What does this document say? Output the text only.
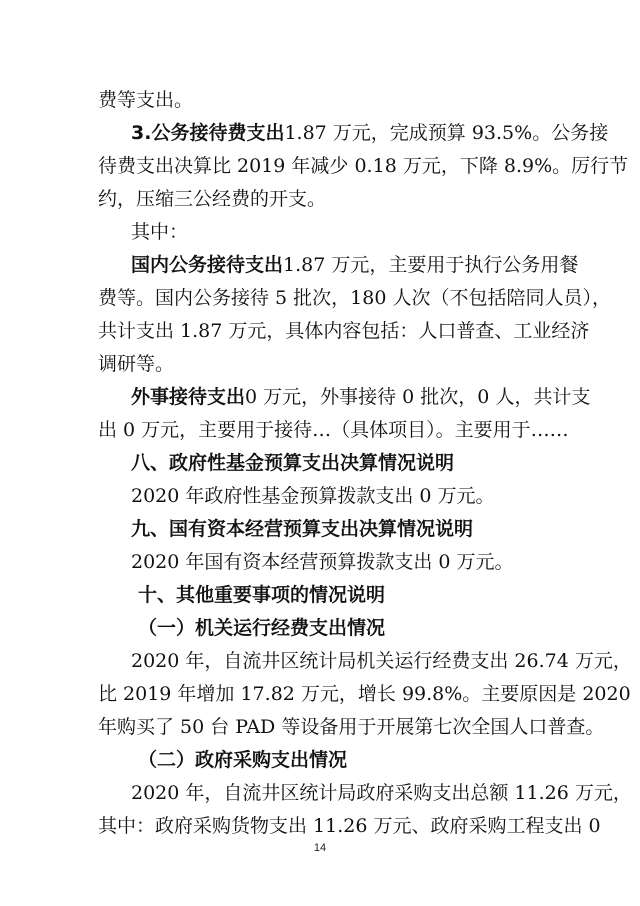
费等支出。
3.公务接待费支出1.87 万元，完成预算 93.5%。公务接
待费支出决算比 2019 年减少 0.18 万元，下降 8.9%。厉行节
约，压缩三公经费的开支。
其中：
国内公务接待支出1.87 万元，主要用于执行公务用餐
费等。国内公务接待 5 批次，180 人次（不包括陪同人员），
共计支出 1.87 万元，具体内容包括：人口普查、工业经济
调研等。
外事接待支出0 万元，外事接待 0 批次，0 人，共计支
出 0 万元，主要用于接待…（具体项目）。主要用于……
八、政府性基金预算支出决算情况说明
2020 年政府性基金预算拨款支出 0 万元。
九、国有资本经营预算支出决算情况说明
2020 年国有资本经营预算拨款支出 0 万元。
十、其他重要事项的情况说明
（一）机关运行经费支出情况
2020 年，自流井区统计局机关运行经费支出 26.74 万元，
比 2019 年增加 17.82 万元，增长 99.8%。主要原因是 2020
年购买了 50 台 PAD 等设备用于开展第七次全国人口普查。
（二）政府采购支出情况
2020 年，自流井区统计局政府采购支出总额 11.26 万元，
其中：政府采购货物支出 11.26 万元、政府采购工程支出 0
14
